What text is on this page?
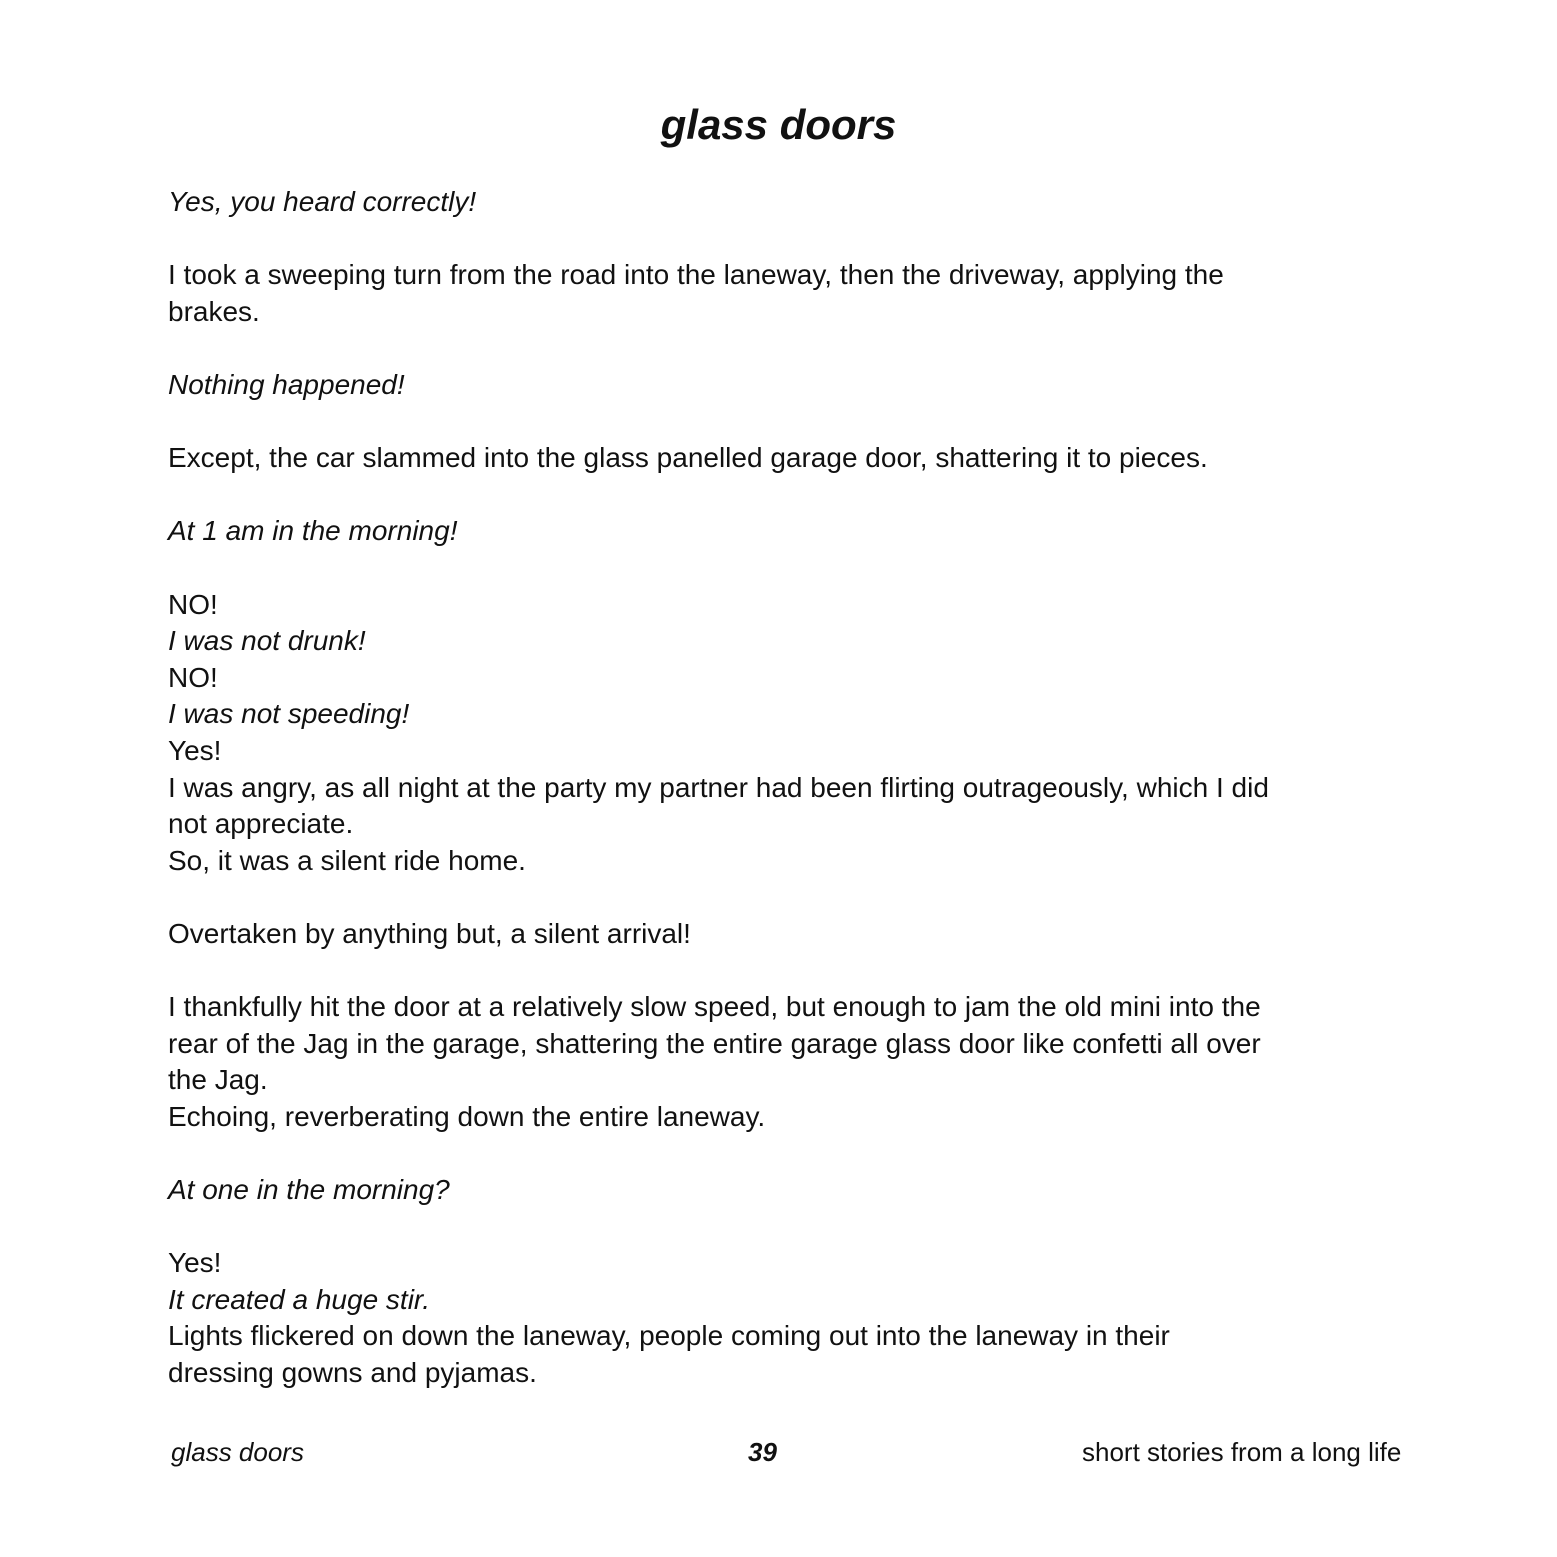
glass doors
Yes, you heard correctly!
I took a sweeping turn from the road into the laneway, then the driveway, applying the
brakes.
Nothing happened!
Except, the car slammed into the glass panelled garage door, shattering it to pieces.
At 1 am in the morning!
NO!
I was not drunk!
NO!
I was not speeding!
Yes!
I was angry, as all night at the party my partner had been flirting outrageously, which I did
not appreciate.
So, it was a silent ride home.
Overtaken by anything but, a silent arrival!
I thankfully hit the door at a relatively slow speed, but enough to jam the old mini into the
rear of the Jag in the garage, shattering the entire garage glass door like confetti all over
the Jag.
Echoing, reverberating down the entire laneway.
At one in the morning?
Yes!
It created a huge stir.
Lights flickered on down the laneway, people coming out into the laneway in their
dressing gowns and pyjamas.
glass doors	39	short stories from a long life
